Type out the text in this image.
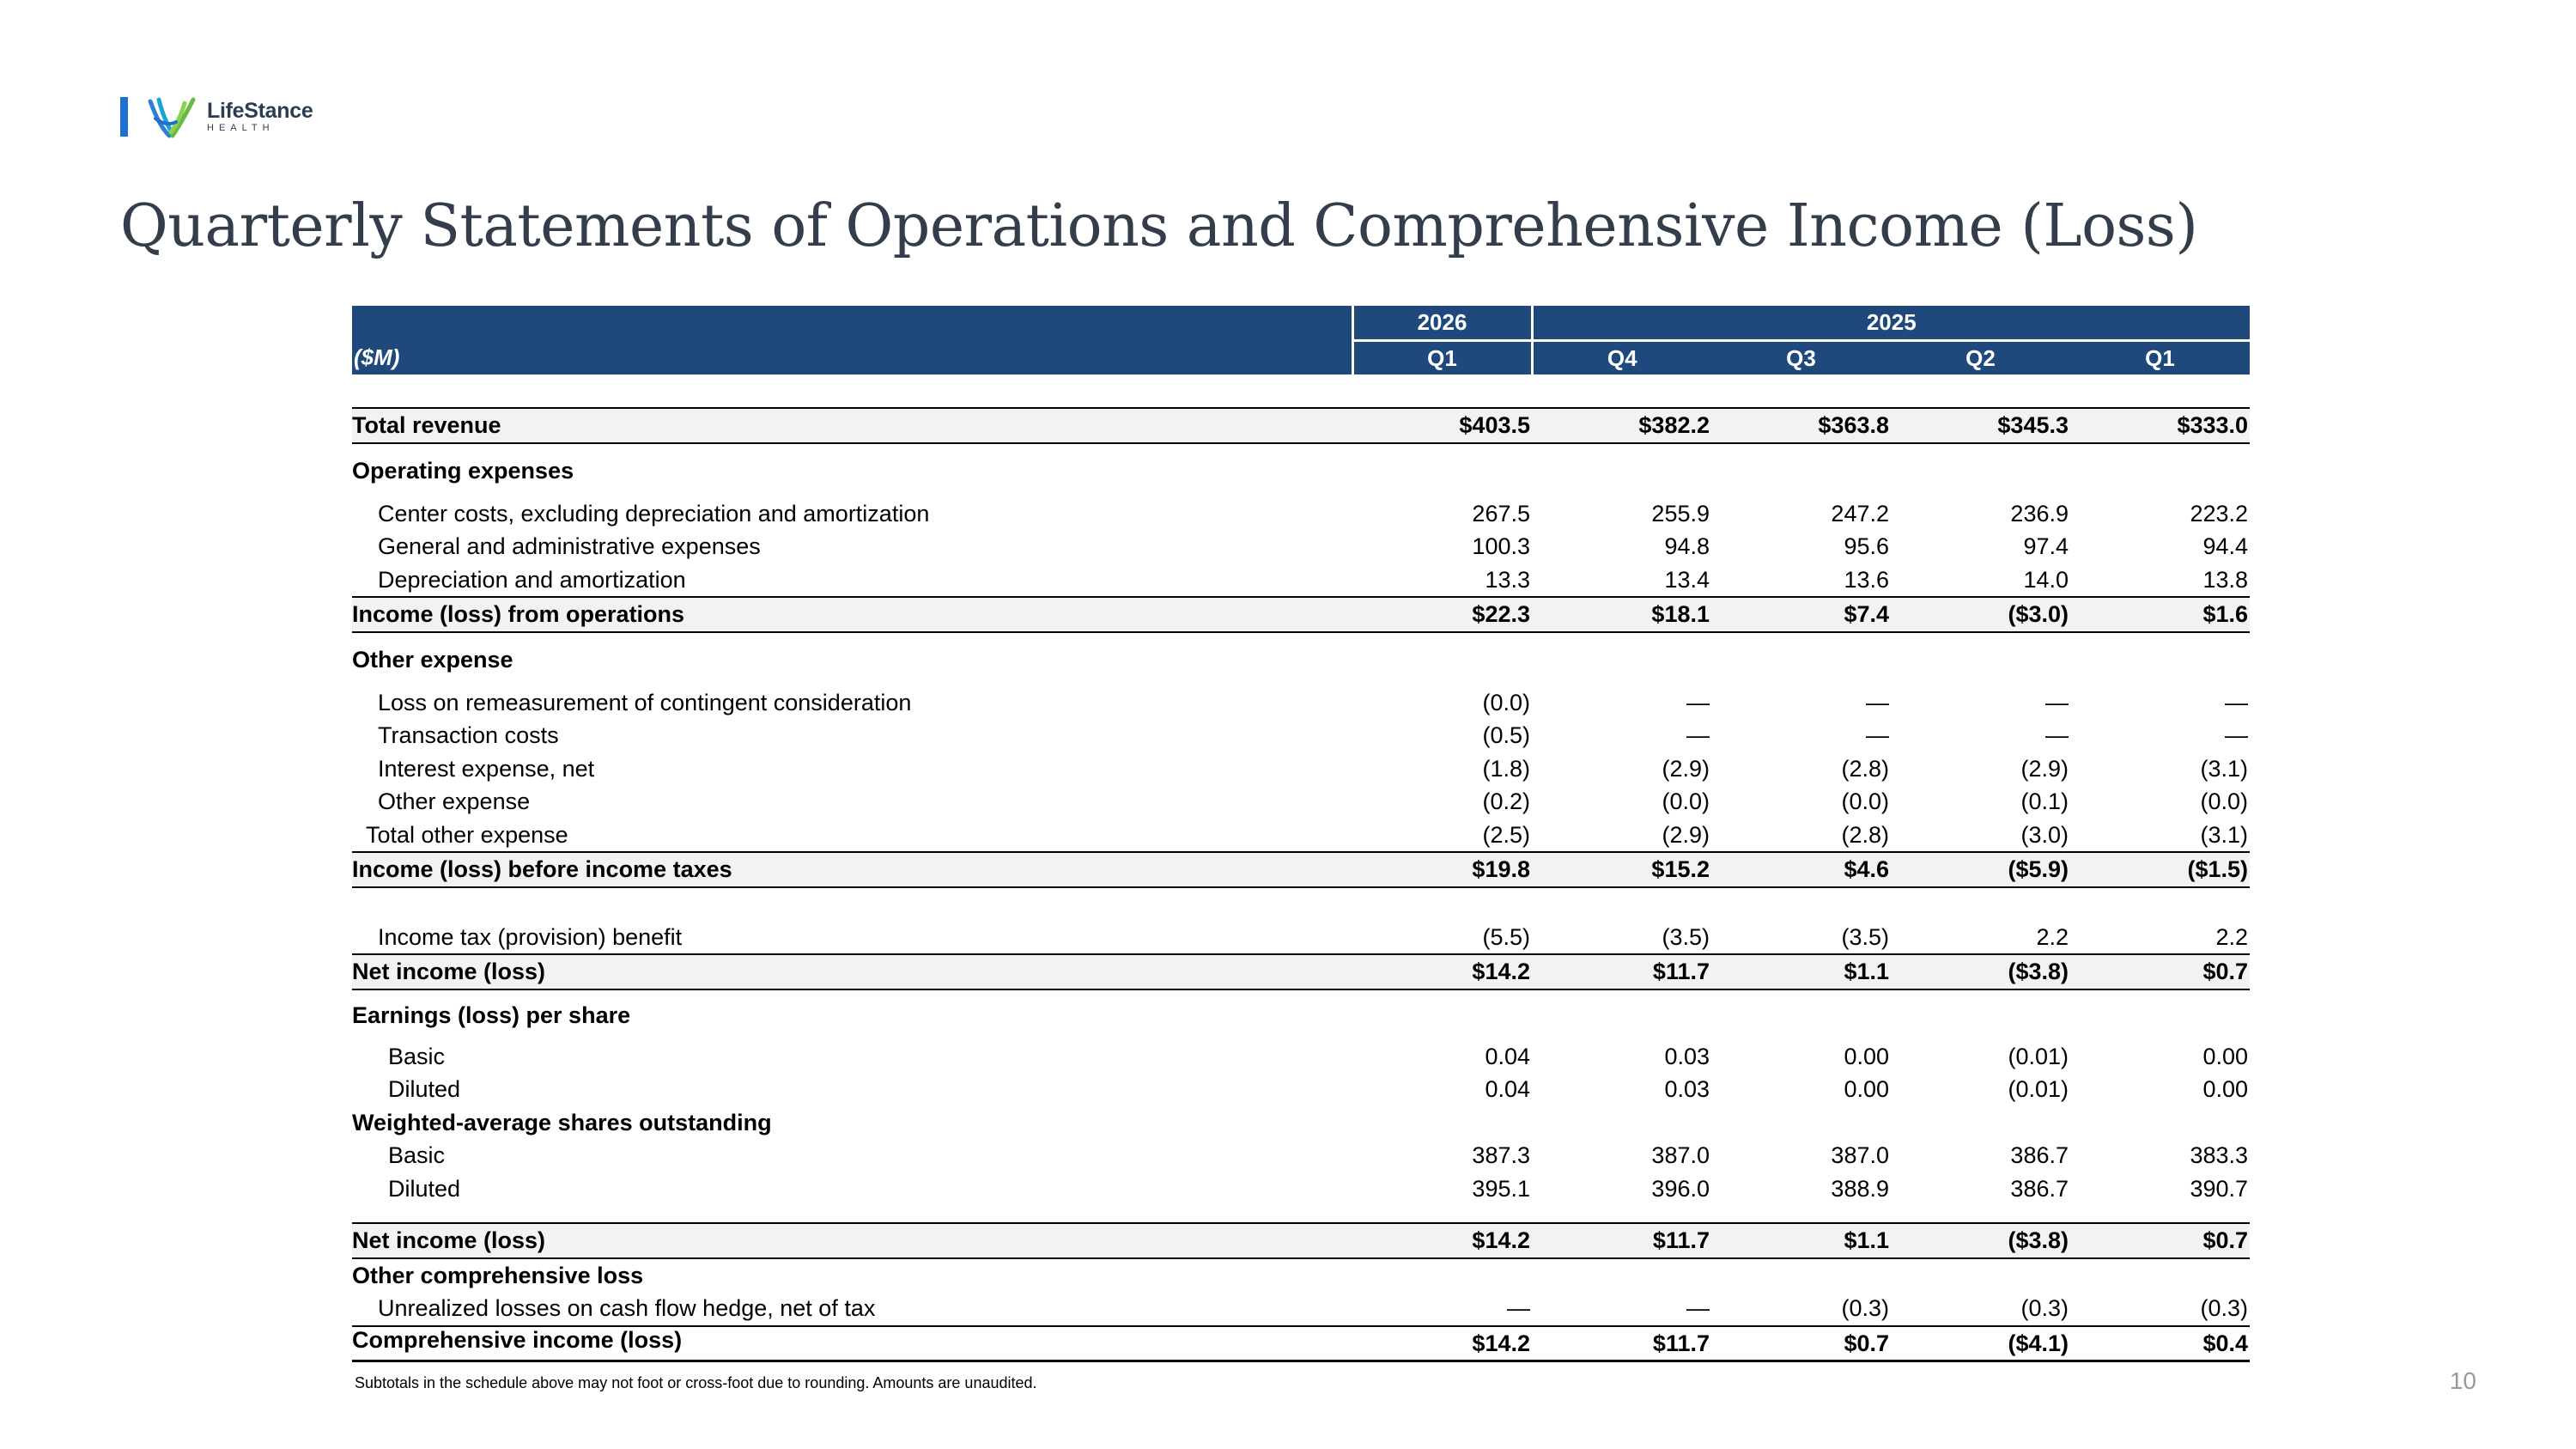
LifeStance
HEALTH
Quarterly Statements of Operations and Comprehensive Income (Loss)
	2026	2025			
($M)	Q1	Q4	Q3	Q2	Q1

Total revenue	$403.5	$382.2	$363.8	$345.3	$333.0
Operating expenses					
Center costs, excluding depreciation and amortization	267.5	255.9	247.2	236.9	223.2
General and administrative expenses	100.3	94.8	95.6	97.4	94.4
Depreciation and amortization	13.3	13.4	13.6	14.0	13.8
Income (loss) from operations	$22.3	$18.1	$7.4	($3.0)	$1.6
Other expense					
Loss on remeasurement of contingent consideration	(0.0)	—	—	—	—
Transaction costs	(0.5)	—	—	—	—
Interest expense, net	(1.8)	(2.9)	(2.8)	(2.9)	(3.1)
Other expense	(0.2)	(0.0)	(0.0)	(0.1)	(0.0)
Total other expense	(2.5)	(2.9)	(2.8)	(3.0)	(3.1)
Income (loss) before income taxes	$19.8	$15.2	$4.6	($5.9)	($1.5)

Income tax (provision) benefit	(5.5)	(3.5)	(3.5)	2.2	2.2
Net income (loss)	$14.2	$11.7	$1.1	($3.8)	$0.7
Earnings (loss) per share					
Basic	0.04	0.03	0.00	(0.01)	0.00
Diluted	0.04	0.03	0.00	(0.01)	0.00
Weighted-average shares outstanding					
Basic	387.3	387.0	387.0	386.7	383.3
Diluted	395.1	396.0	388.9	386.7	390.7

Net income (loss)	$14.2	$11.7	$1.1	($3.8)	$0.7
Other comprehensive loss					
Unrealized losses on cash flow hedge, net of tax	—	—	(0.3)	(0.3)	(0.3)
Comprehensive income (loss)	$14.2	$11.7	$0.7	($4.1)	$0.4
Subtotals in the schedule above may not foot or cross-foot due to rounding. Amounts are unaudited.	10
